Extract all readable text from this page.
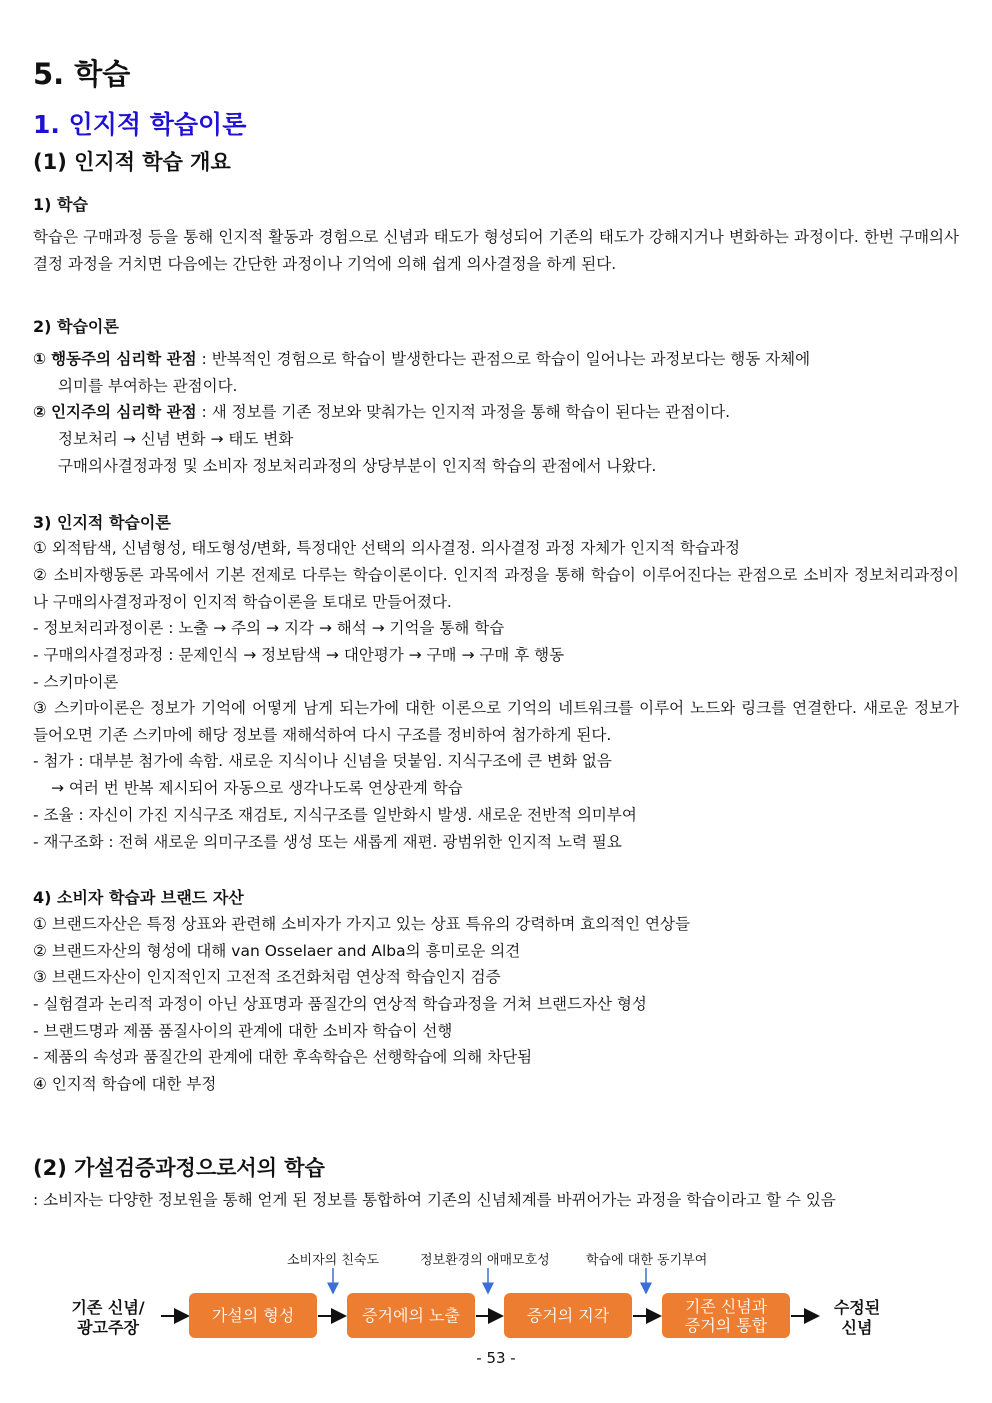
5. 학습
1. 인지적 학습이론
(1) 인지적 학습 개요
1) 학습

학습은 구매과정 등을 통해 인지적 활동과 경험으로 신념과 태도가 형성되어 기존의 태도가 강해지거나 변화하는 과정이다. 한번 구매의사결정 과정을 거치면 다음에는 간단한 과정이나 기억에 의해 쉽게 의사결정을 하게 된다.

2) 학습이론
① 행동주의 심리학 관점 : 반복적인 경험으로 학습이 발생한다는 관점으로 학습이 일어나는 과정보다는 행동 자체에
의미를 부여하는 관점이다.
② 인지주의 심리학 관점 : 새 정보를 기존 정보와 맞춰가는 인지적 과정을 통해 학습이 된다는 관점이다.
정보처리 → 신념 변화 → 태도 변화
구매의사결정과정 및 소비자 정보처리과정의 상당부분이 인지적 학습의 관점에서 나왔다.
3) 인지적 학습이론
① 외적탐색, 신념형성, 태도형성/변화, 특정대안 선택의 의사결정. 의사결정 과정 자체가 인지적 학습과정

② 소비자행동론 과목에서 기본 전제로 다루는 학습이론이다. 인지적 과정을 통해 학습이 이루어진다는 관점으로 소비자 정보처리과정이나 구매의사결정과정이 인지적 학습이론을 토대로 만들어졌다.

- 정보처리과정이론 : 노출 → 주의 → 지각 → 해석 → 기억을 통해 학습
- 구매의사결정과정 : 문제인식 → 정보탐색 → 대안평가 → 구매 → 구매 후 행동
- 스키마이론

③ 스키마이론은 정보가 기억에 어떻게 남게 되는가에 대한 이론으로 기억의 네트워크를 이루어 노드와 링크를 연결한다. 새로운 정보가 들어오면 기존 스키마에 해당 정보를 재해석하여 다시 구조를 정비하여 첨가하게 된다.

- 첨가 : 대부분 첨가에 속함. 새로운 지식이나 신념을 덧붙임. 지식구조에 큰 변화 없음
→ 여러 번 반복 제시되어 자동으로 생각나도록 연상관계 학습
- 조율 : 자신이 가진 지식구조 재검토, 지식구조를 일반화시 발생. 새로운 전반적 의미부여
- 재구조화 : 전혀 새로운 의미구조를 생성 또는 새롭게 재편. 광범위한 인지적 노력 필요
4) 소비자 학습과 브랜드 자산
① 브랜드자산은 특정 상표와 관련해 소비자가 가지고 있는 상표 특유의 강력하며 효의적인 연상들
② 브랜드자산의 형성에 대해 van Osselaer and Alba의 흥미로운 의견
③ 브랜드자산이 인지적인지 고전적 조건화처럼 연상적 학습인지 검증
- 실험결과 논리적 과정이 아닌 상표명과 품질간의 연상적 학습과정을 거쳐 브랜드자산 형성
- 브랜드명과 제품 품질사이의 관계에 대한 소비자 학습이 선행
- 제품의 속성과 품질간의 관계에 대한 후속학습은 선행학습에 의해 차단됨
④ 인지적 학습에 대한 부정
(2) 가설검증과정으로서의 학습

: 소비자는 다양한 정보원을 통해 얻게 된 정보를 통합하여 기존의 신념체계를 바뀌어가는 과정을 학습이라고 할 수 있음

기존 신념/
광고주장
가설의 형성	증거에의 노출	증거의 지각	기존 신념과
증거의 통합
수정된
신념
소비자의 친숙도	정보환경의 애매모호성	학습에 대한 동기부여
- 53 -
